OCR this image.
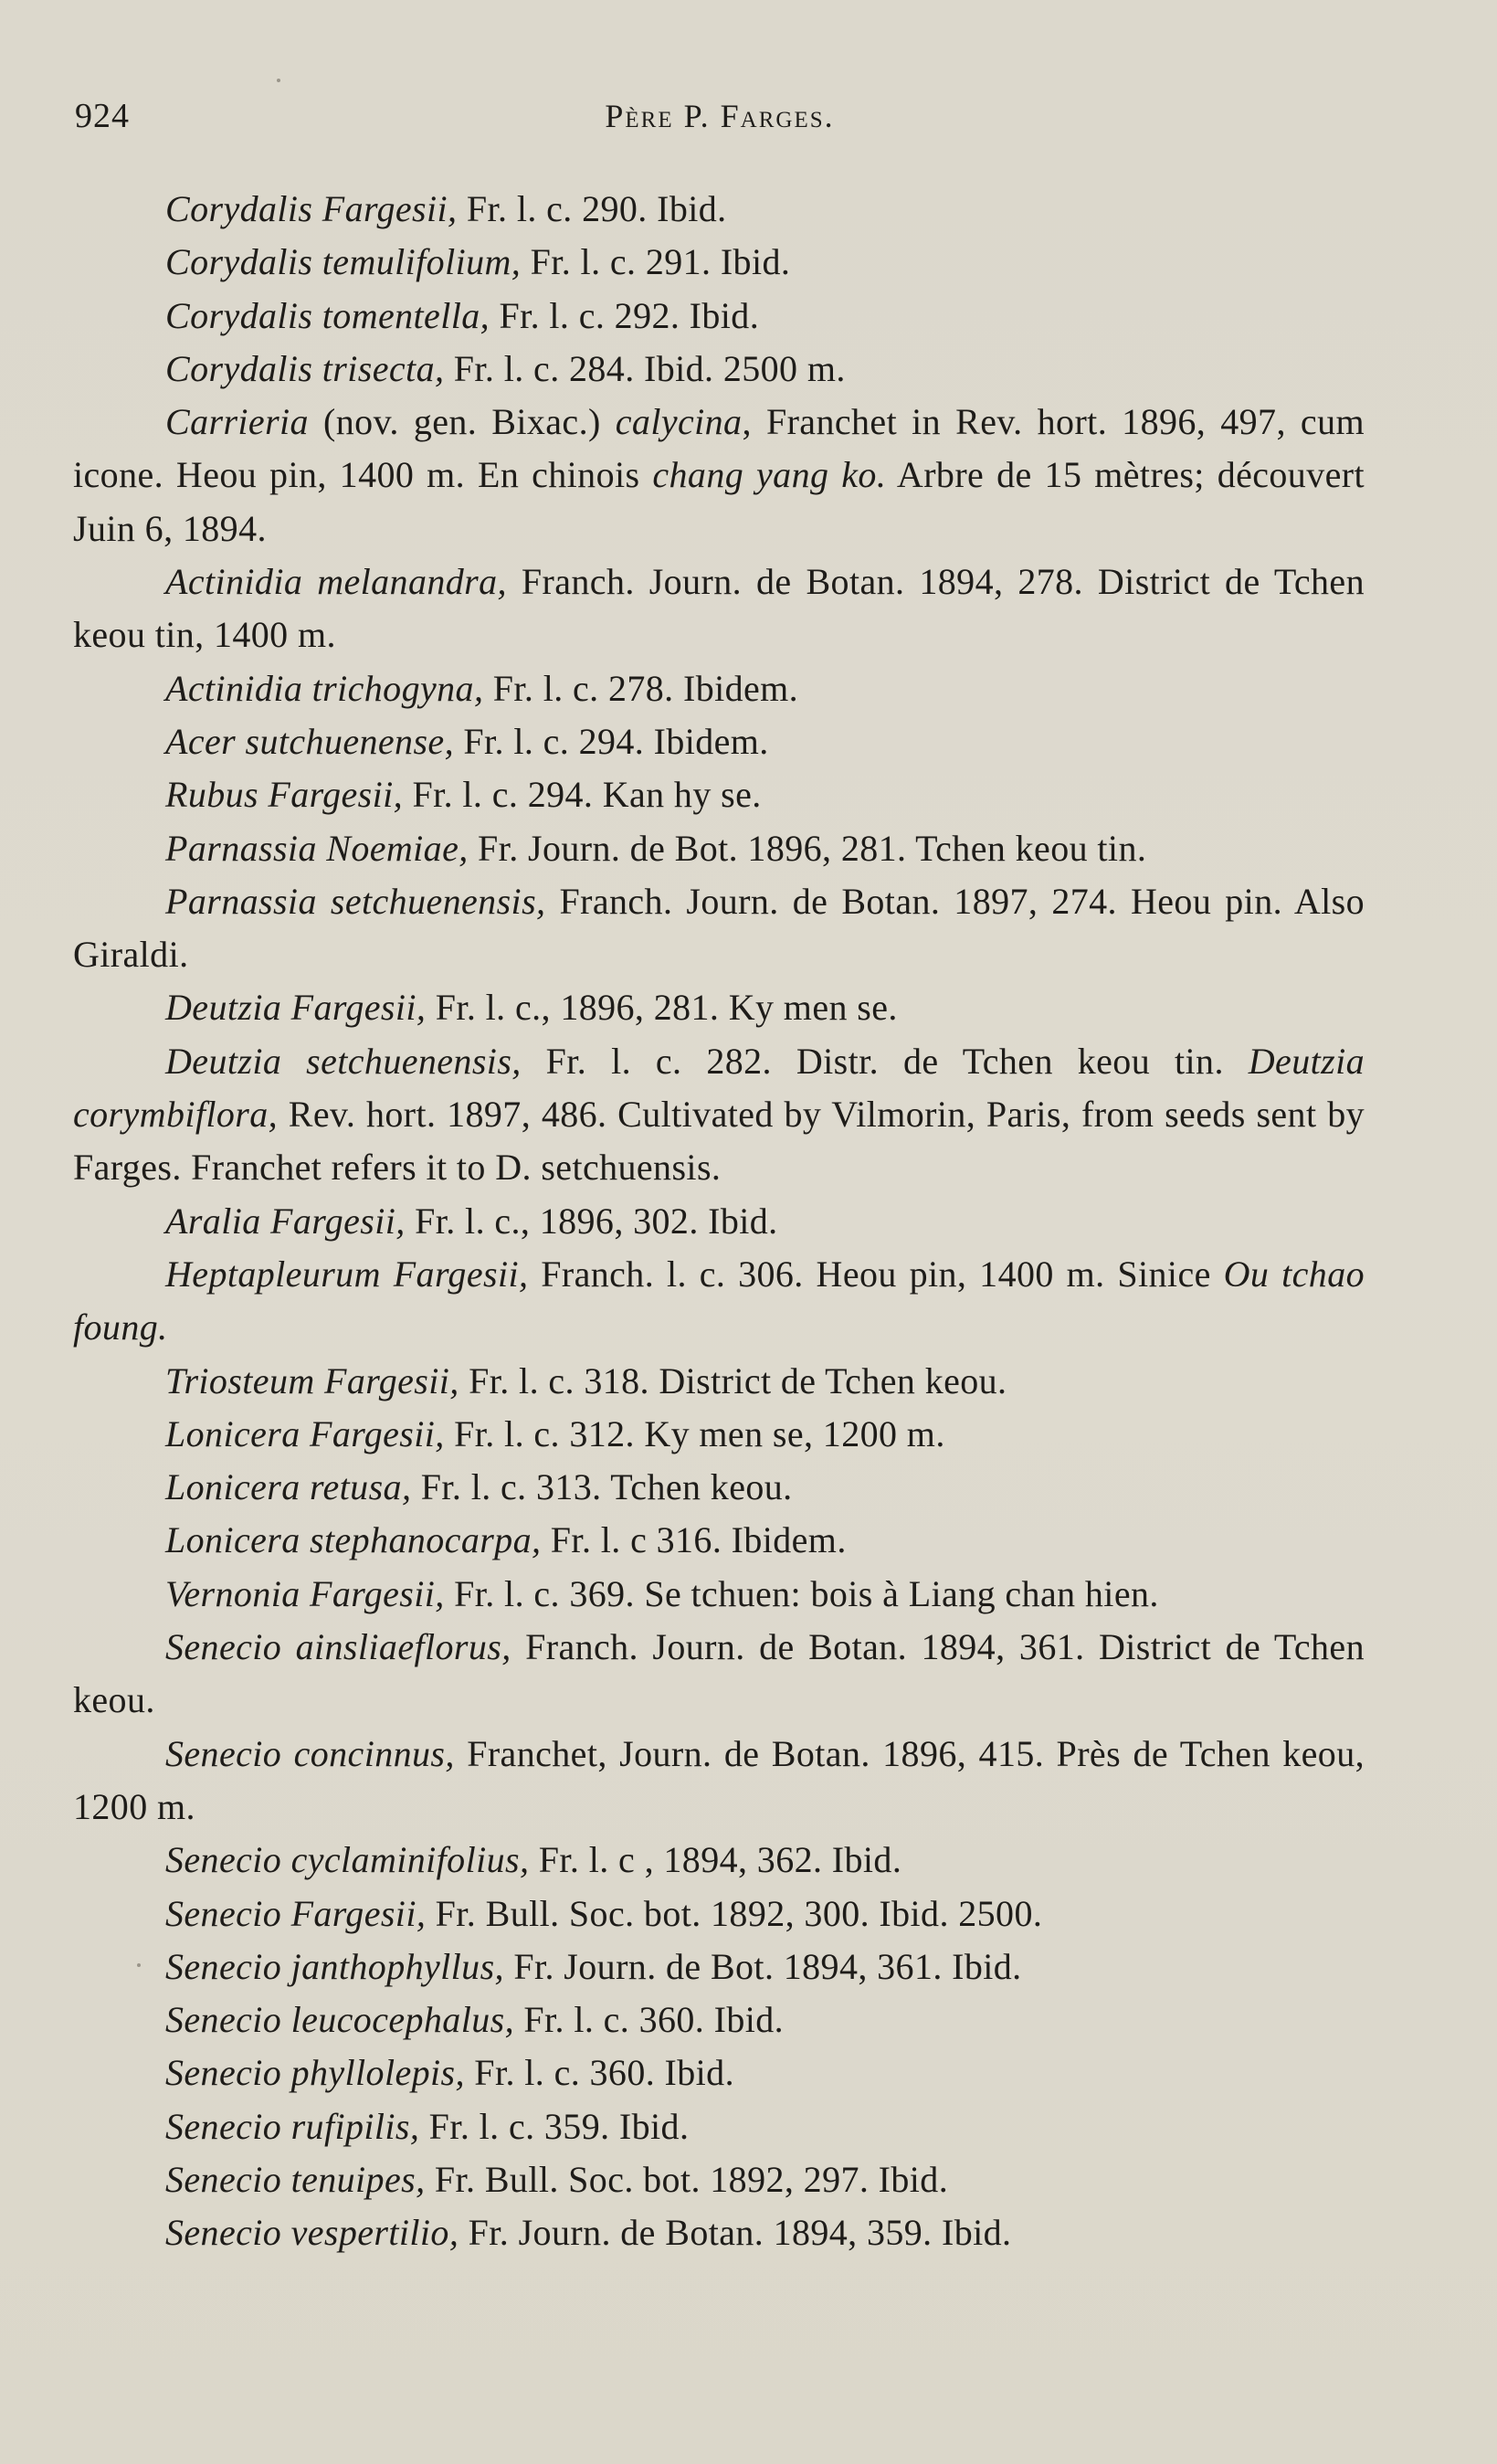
924	Père P. Farges.

Corydalis Fargesii, Fr. l. c. 290. Ibid.

Corydalis temulifolium, Fr. l. c. 291. Ibid.

Corydalis tomentella, Fr. l. c. 292. Ibid.

Corydalis trisecta, Fr. l. c. 284. Ibid. 2500 m.

Carrieria (nov. gen. Bixac.) calycina, Franchet in Rev. hort. 1896, 497, cum icone. Heou pin, 1400 m. En chinois chang yang ko. Arbre de 15 mètres; découvert Juin 6, 1894.

Actinidia melanandra, Franch. Journ. de Botan. 1894, 278. District de Tchen keou tin, 1400 m.

Actinidia trichogyna, Fr. l. c. 278. Ibidem.

Acer sutchuenense, Fr. l. c. 294. Ibidem.

Rubus Fargesii, Fr. l. c. 294. Kan hy se.

Parnassia Noemiae, Fr. Journ. de Bot. 1896, 281. Tchen keou tin.

Parnassia setchuenensis, Franch. Journ. de Botan. 1897, 274. Heou pin. Also Giraldi.

Deutzia Fargesii, Fr. l. c., 1896, 281. Ky men se.

Deutzia setchuenensis, Fr. l. c. 282. Distr. de Tchen keou tin. Deutzia corymbiflora, Rev. hort. 1897, 486. Cultivated by Vilmorin, Paris, from seeds sent by Farges. Franchet refers it to D. setchuensis.

Aralia Fargesii, Fr. l. c., 1896, 302. Ibid.

Heptapleurum Fargesii, Franch. l. c. 306. Heou pin, 1400 m. Sinice Ou tchao foung.

Triosteum Fargesii, Fr. l. c. 318. District de Tchen keou.

Lonicera Fargesii, Fr. l. c. 312. Ky men se, 1200 m.

Lonicera retusa, Fr. l. c. 313. Tchen keou.

Lonicera stephanocarpa, Fr. l. c 316. Ibidem.

Vernonia Fargesii, Fr. l. c. 369. Se tchuen: bois à Liang chan hien.

Senecio ainsliaeflorus, Franch. Journ. de Botan. 1894, 361. District de Tchen keou.

Senecio concinnus, Franchet, Journ. de Botan. 1896, 415. Près de Tchen keou, 1200 m.

Senecio cyclaminifolius, Fr. l. c , 1894, 362. Ibid.

Senecio Fargesii, Fr. Bull. Soc. bot. 1892, 300. Ibid. 2500.

Senecio janthophyllus, Fr. Journ. de Bot. 1894, 361. Ibid.

Senecio leucocephalus, Fr. l. c. 360. Ibid.

Senecio phyllolepis, Fr. l. c. 360. Ibid.

Senecio rufipilis, Fr. l. c. 359. Ibid.

Senecio tenuipes, Fr. Bull. Soc. bot. 1892, 297. Ibid.

Senecio vespertilio, Fr. Journ. de Botan. 1894, 359. Ibid.
